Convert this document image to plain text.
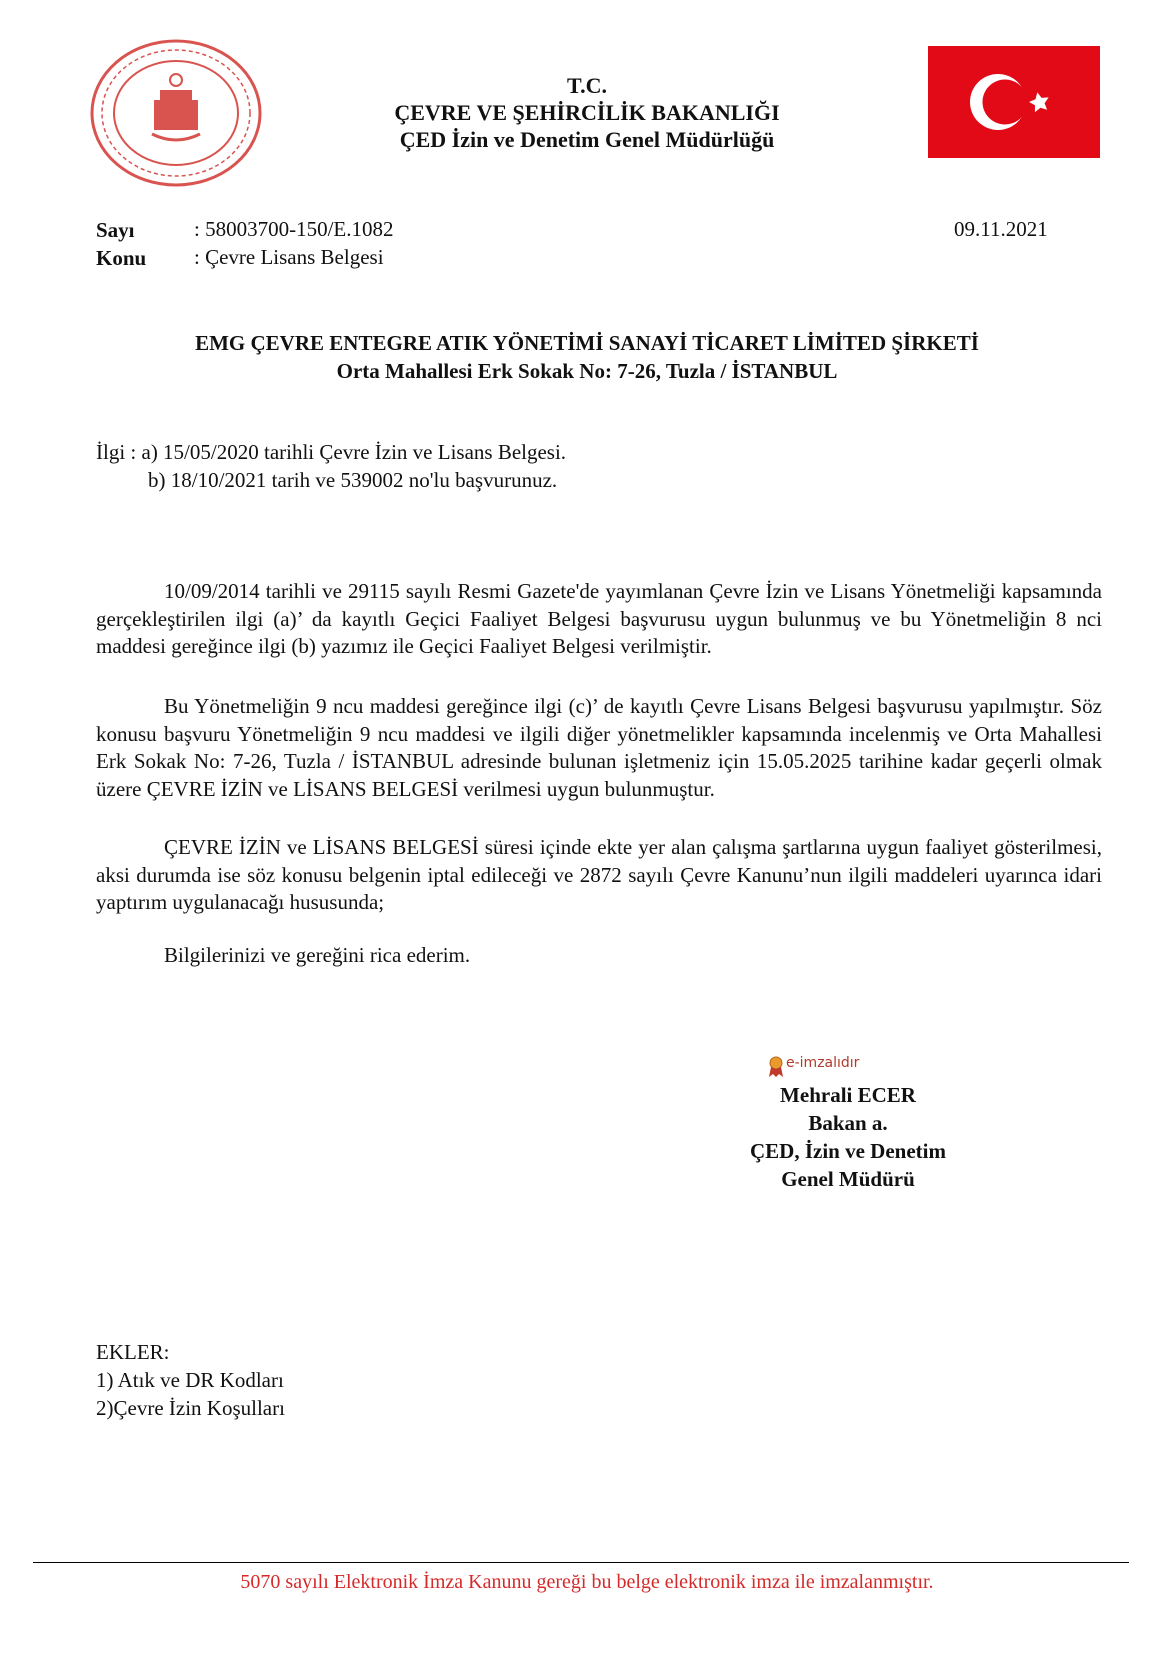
T.C.
ÇEVRE VE ŞEHİRCİLİK BAKANLIĞI
ÇED İzin ve Denetim Genel Müdürlüğü
Sayı	: 58003700-150/E.1082	09.11.2021
Konu : Çevre Lisans Belgesi
EMG ÇEVRE ENTEGRE ATIK YÖNETİMİ SANAYİ TİCARET LİMİTED ŞİRKETİ
Orta Mahallesi Erk Sokak No: 7-26, Tuzla / İSTANBUL
İlgi : a) 15/05/2020 tarihli Çevre İzin ve Lisans Belgesi.
b) 18/10/2021 tarih ve 539002 no'lu başvurunuz.

10/09/2014 tarihli ve 29115 sayılı Resmi Gazete'de yayımlanan Çevre İzin ve Lisans Yönetmeliği kapsamında gerçekleştirilen ilgi (a)’ da kayıtlı Geçici Faaliyet Belgesi başvurusu uygun bulunmuş ve bu Yönetmeliğin 8 nci maddesi gereğince ilgi (b) yazımız ile Geçici Faaliyet Belgesi verilmiştir.

Bu Yönetmeliğin 9 ncu maddesi gereğince ilgi (c)’ de kayıtlı Çevre Lisans Belgesi başvurusu yapılmıştır. Söz konusu başvuru Yönetmeliğin 9 ncu maddesi ve ilgili diğer yönetmelikler kapsamında incelenmiş ve Orta Mahallesi Erk Sokak No: 7-26, Tuzla / İSTANBUL adresinde bulunan işletmeniz için 15.05.2025 tarihine kadar geçerli olmak üzere ÇEVRE İZİN ve LİSANS BELGESİ verilmesi uygun bulunmuştur.

ÇEVRE İZİN ve LİSANS BELGESİ süresi içinde ekte yer alan çalışma şartlarına uygun faaliyet gösterilmesi, aksi durumda ise söz konusu belgenin iptal edileceği ve 2872 sayılı Çevre Kanunu’nun ilgili maddeleri uyarınca idari yaptırım uygulanacağı hususunda;

Bilgilerinizi ve gereğini rica ederim.

e-imzalıdır
Mehrali ECER
Bakan a.
ÇED, İzin ve Denetim
Genel Müdürü
EKLER:
1) Atık ve DR Kodları
2)Çevre İzin Koşulları
5070 sayılı Elektronik İmza Kanunu gereği bu belge elektronik imza ile imzalanmıştır.
